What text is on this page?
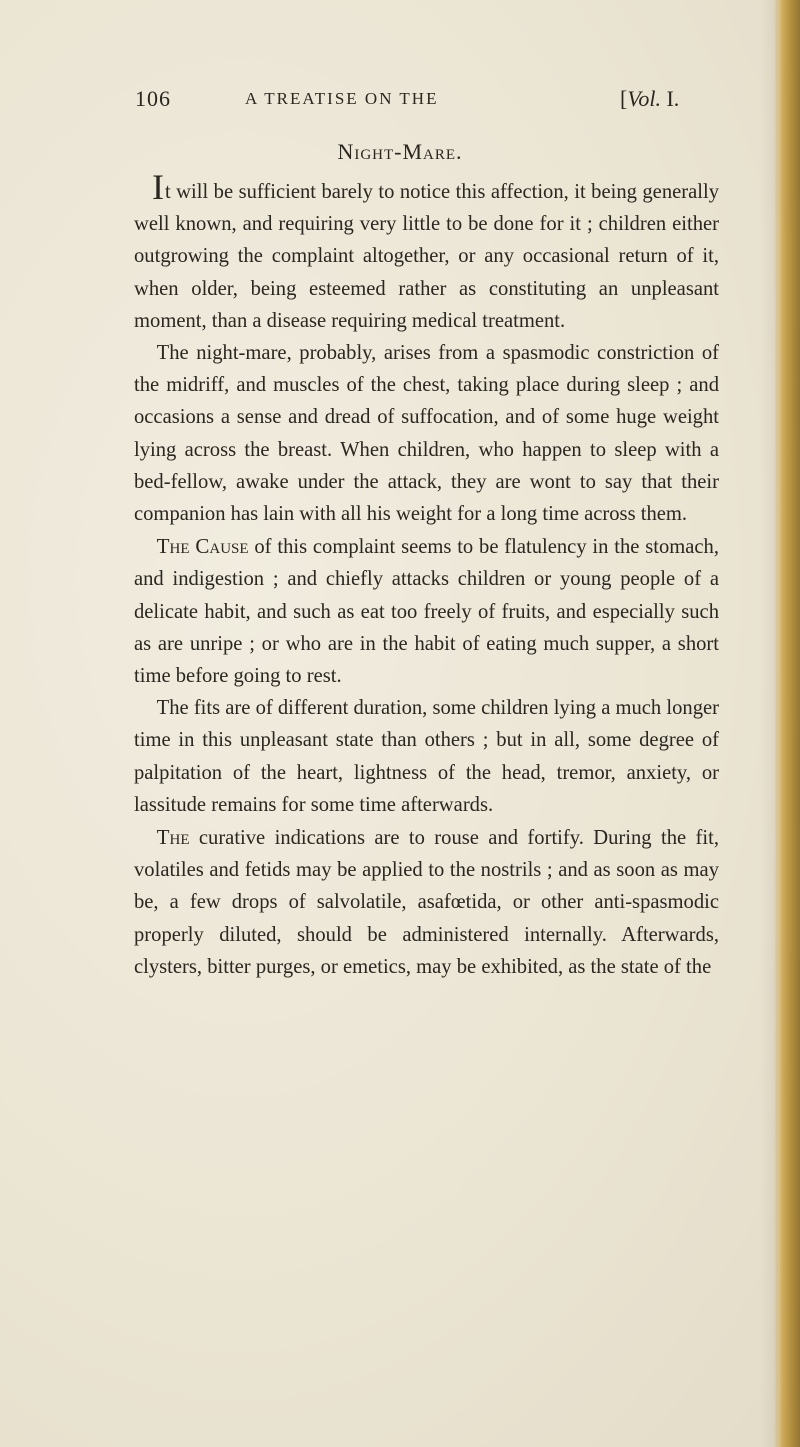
106	A TREATISE ON THE	[Vol. I.
Night-Mare.

It will be sufficient barely to notice this affection, it being generally well known, and requiring very little to be done for it ; children either outgrowing the complaint altogether, or any occasional return of it, when older, being esteemed rather as constituting an unpleasant moment, than a disease requiring medical treatment.

The night-mare, probably, arises from a spasmodic constriction of the midriff, and muscles of the chest, taking place during sleep ; and occasions a sense and dread of suffocation, and of some huge weight lying across the breast. When children, who happen to sleep with a bed-fellow, awake under the attack, they are wont to say that their companion has lain with all his weight for a long time across them.

The Cause of this complaint seems to be flatulency in the stomach, and indigestion ; and chiefly attacks children or young people of a delicate habit, and such as eat too freely of fruits, and especially such as are unripe ; or who are in the habit of eating much supper, a short time before going to rest.

The fits are of different duration, some children lying a much longer time in this unpleasant state than others ; but in all, some degree of palpitation of the heart, lightness of the head, tremor, anxiety, or lassitude remains for some time afterwards.

The curative indications are to rouse and fortify. During the fit, volatiles and fetids may be applied to the nostrils ; and as soon as may be, a few drops of salvolatile, asafœtida, or other anti-spasmodic properly diluted, should be administered internally. Afterwards, clysters, bitter purges, or emetics, may be exhibited, as the state of the
